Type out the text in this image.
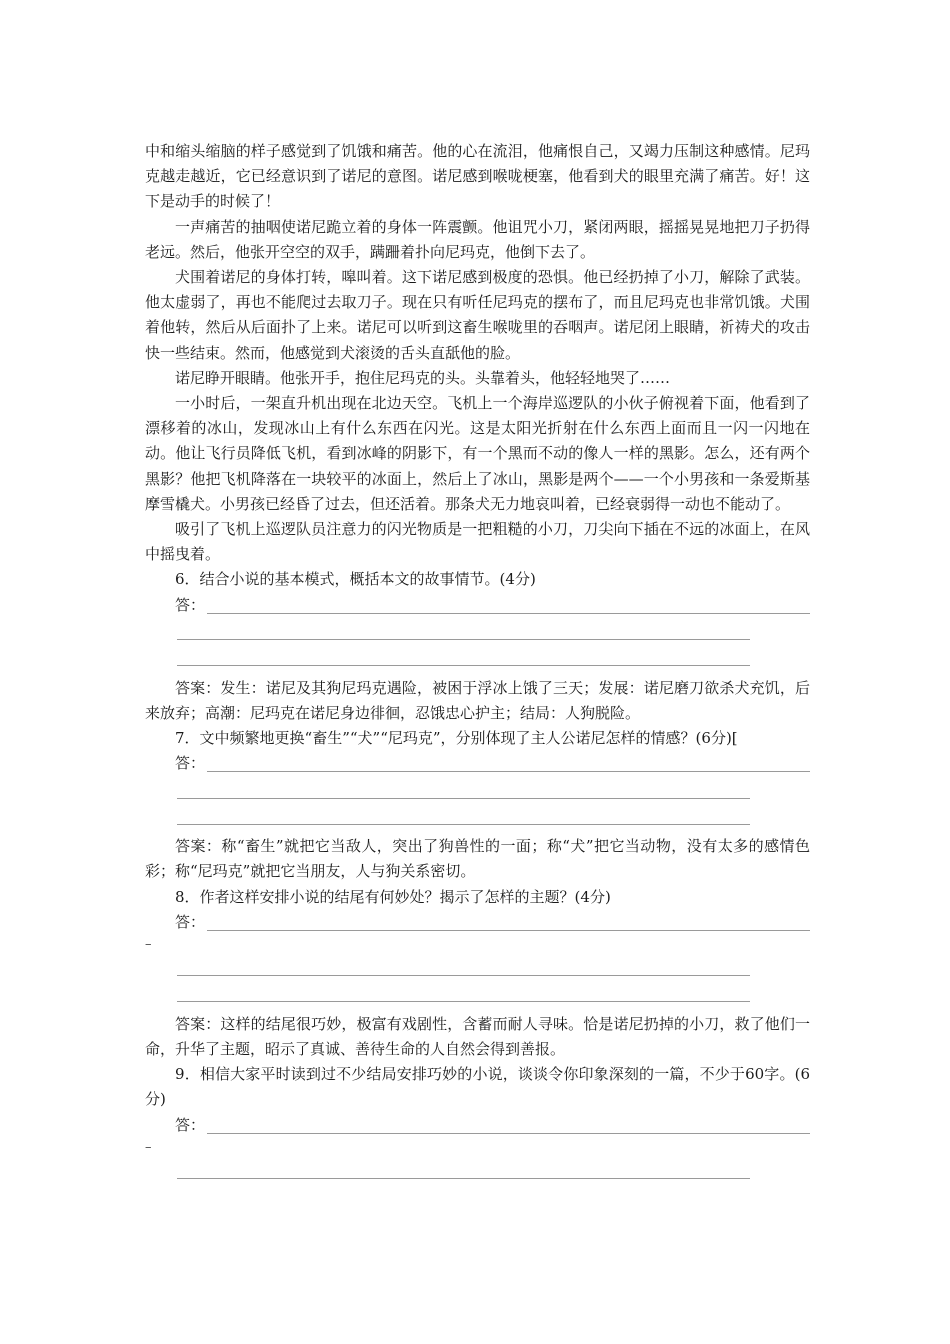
中和缩头缩脑的样子感觉到了饥饿和痛苦。他的心在流泪，他痛恨自己，又竭力压制这种感情。尼玛克越走越近，它已经意识到了诺尼的意图。诺尼感到喉咙梗塞，他看到犬的眼里充满了痛苦。好！这下是动手的时候了！

一声痛苦的抽咽使诺尼跪立着的身体一阵震颤。他诅咒小刀，紧闭两眼，摇摇晃晃地把刀子扔得老远。然后，他张开空空的双手，蹒跚着扑向尼玛克，他倒下去了。

犬围着诺尼的身体打转，嗥叫着。这下诺尼感到极度的恐惧。他已经扔掉了小刀，解除了武装。他太虚弱了，再也不能爬过去取刀子。现在只有听任尼玛克的摆布了，而且尼玛克也非常饥饿。犬围着他转，然后从后面扑了上来。诺尼可以听到这畜生喉咙里的吞咽声。诺尼闭上眼睛，祈祷犬的攻击快一些结束。然而，他感觉到犬滚烫的舌头直舐他的脸。

诺尼睁开眼睛。他张开手，抱住尼玛克的头。头靠着头，他轻轻地哭了……

一小时后，一架直升机出现在北边天空。飞机上一个海岸巡逻队的小伙子俯视着下面，他看到了漂移着的冰山，发现冰山上有什么东西在闪光。这是太阳光折射在什么东西上面而且一闪一闪地在动。他让飞行员降低飞机，看到冰峰的阴影下，有一个黑而不动的像人一样的黑影。怎么，还有两个黑影？他把飞机降落在一块较平的冰面上，然后上了冰山，黑影是两个——一个小男孩和一条爱斯基摩雪橇犬。小男孩已经昏了过去，但还活着。那条犬无力地哀叫着，已经衰弱得一动也不能动了。

吸引了飞机上巡逻队员注意力的闪光物质是一把粗糙的小刀，刀尖向下插在不远的冰面上，在风中摇曳着。

6．结合小说的基本模式，概括本文的故事情节。(4分)

答：

答案：发生：诺尼及其狗尼玛克遇险，被困于浮冰上饿了三天；发展：诺尼磨刀欲杀犬充饥，后来放弃；高潮：尼玛克在诺尼身边徘徊，忍饿忠心护主；结局：人狗脱险。

7．文中频繁地更换“畜生”“犬”“尼玛克”，分别体现了主人公诺尼怎样的情感？(6分)[

答：

答案：称“畜生”就把它当敌人，突出了狗兽性的一面；称“犬”把它当动物，没有太多的感情色彩；称“尼玛克”就把它当朋友，人与狗关系密切。

8．作者这样安排小说的结尾有何妙处？揭示了怎样的主题？(4分)

答：
–

答案：这样的结尾很巧妙，极富有戏剧性，含蓄而耐人寻味。恰是诺尼扔掉的小刀，救了他们一命，升华了主题，昭示了真诚、善待生命的人自然会得到善报。

9．相信大家平时读到过不少结局安排巧妙的小说，谈谈令你印象深刻的一篇，不少于60字。(6分)

答：
–
